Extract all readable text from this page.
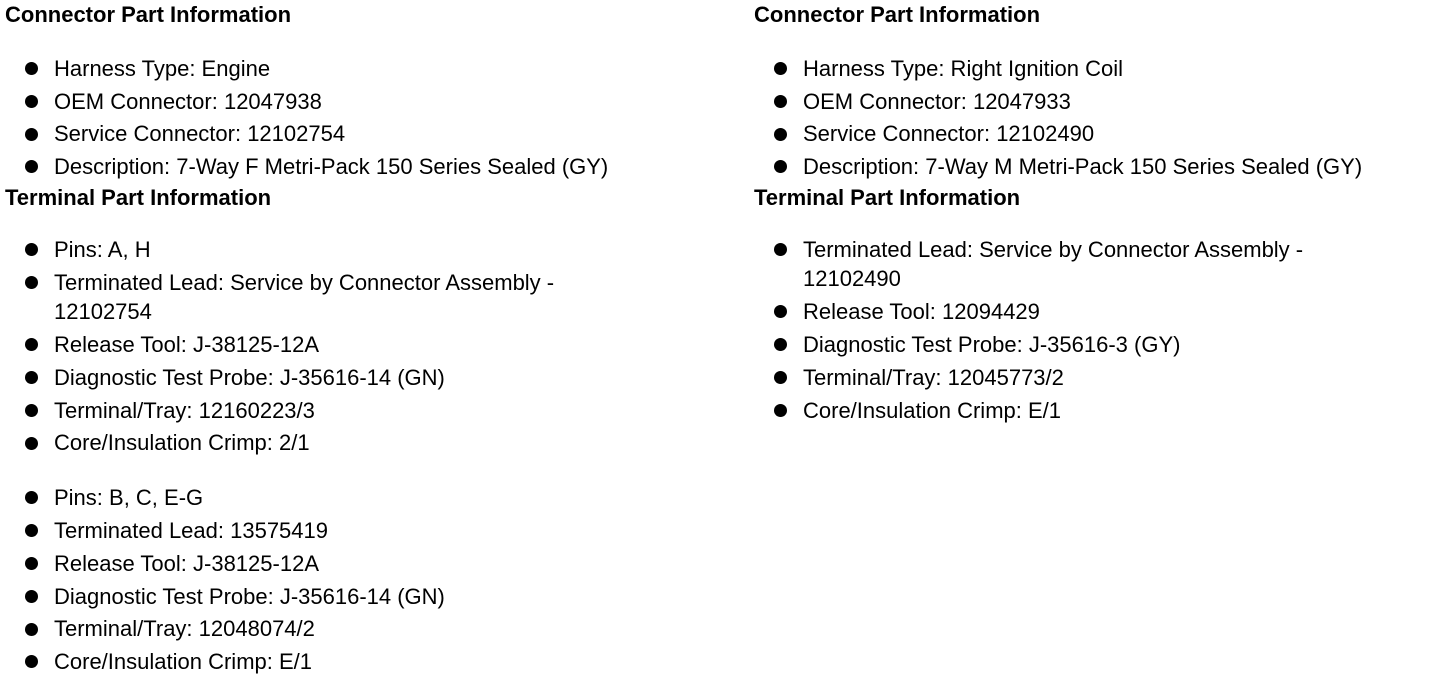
Connector Part Information
Harness Type: Engine
OEM Connector: 12047938
Service Connector: 12102754
Description: 7-Way F Metri-Pack 150 Series Sealed (GY)
Terminal Part Information
Pins: A, H
Terminated Lead: Service by Connector Assembly -
12102754
Release Tool: J-38125-12A
Diagnostic Test Probe: J-35616-14 (GN)
Terminal/Tray: 12160223/3
Core/Insulation Crimp: 2/1
Pins: B, C, E-G
Terminated Lead: 13575419
Release Tool: J-38125-12A
Diagnostic Test Probe: J-35616-14 (GN)
Terminal/Tray: 12048074/2
Core/Insulation Crimp: E/1
Connector Part Information
Harness Type: Right Ignition Coil
OEM Connector: 12047933
Service Connector: 12102490
Description: 7-Way M Metri-Pack 150 Series Sealed (GY)
Terminal Part Information
Terminated Lead: Service by Connector Assembly -
12102490
Release Tool: 12094429
Diagnostic Test Probe: J-35616-3 (GY)
Terminal/Tray: 12045773/2
Core/Insulation Crimp: E/1
